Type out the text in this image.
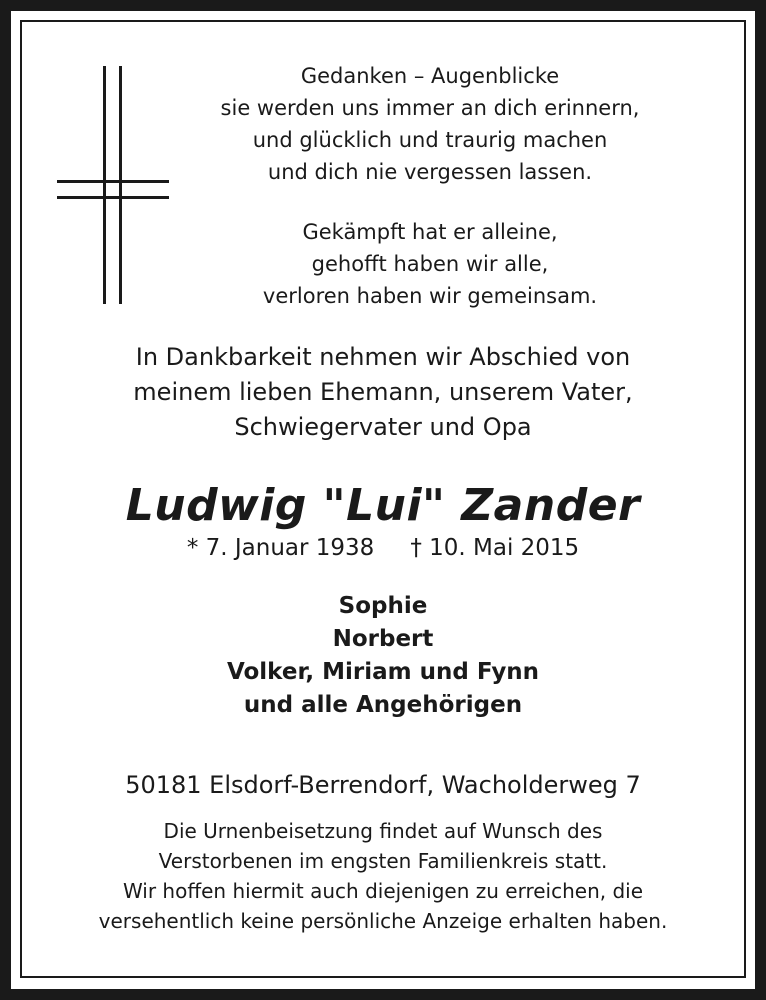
Gedanken – Augenblicke

sie werden uns immer an dich erinnern,

und glücklich und traurig machen

und dich nie vergessen lassen.

Gekämpft hat er alleine,

gehofft haben wir alle,

verloren haben wir gemeinsam.

In Dankbarkeit nehmen wir Abschied von

meinem lieben Ehemann, unserem Vater,

Schwiegervater und Opa

Ludwig "Lui" Zander
* 7. Januar 1938 † 10. Mai 2015

Sophie

Norbert

Volker, Miriam und Fynn

und alle Angehörigen

50181 Elsdorf-Berrendorf, Wacholderweg 7

Die Urnenbeisetzung findet auf Wunsch des

Verstorbenen im engsten Familienkreis statt.

Wir hoffen hiermit auch diejenigen zu erreichen, die

versehentlich keine persönliche Anzeige erhalten haben.
